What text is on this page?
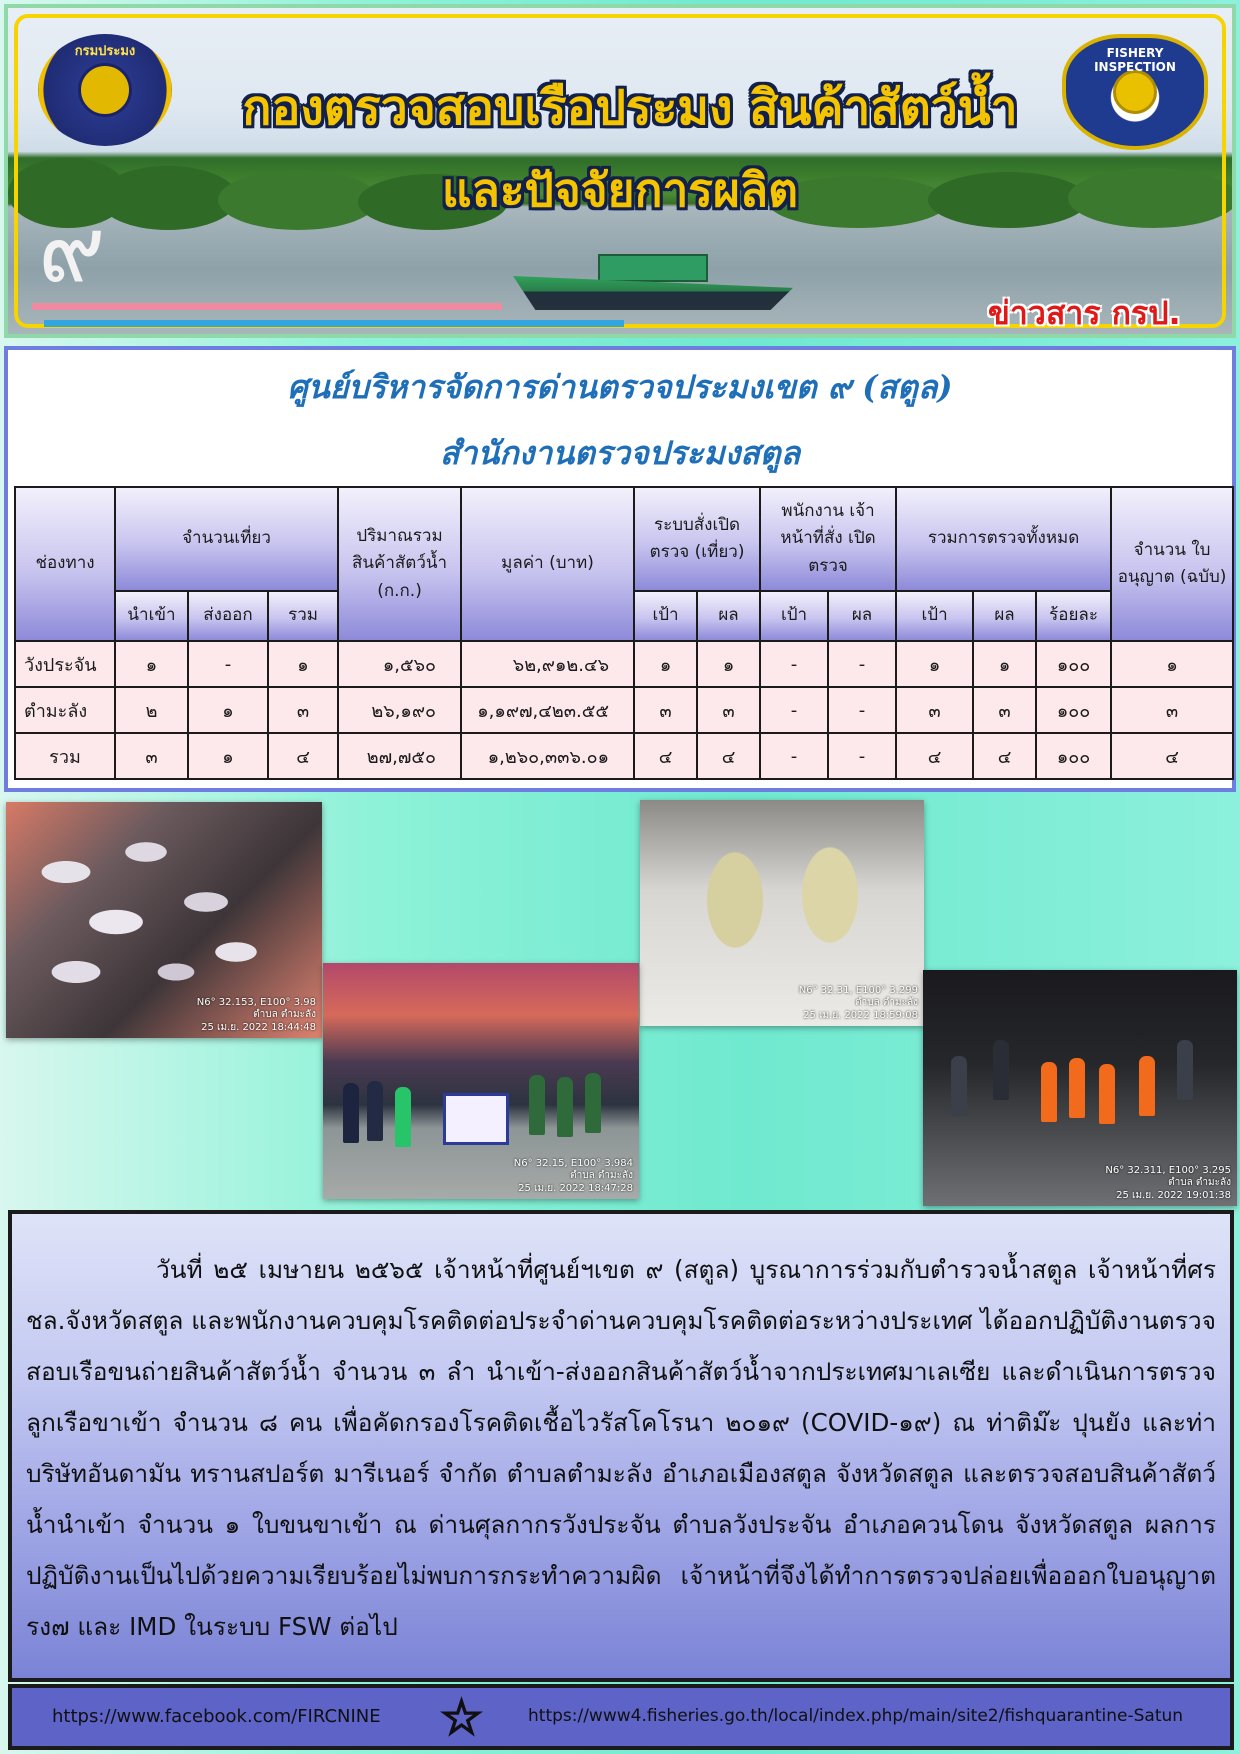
กรมประมง	FISHERY INSPECTION
กองตรวจสอบเรือประมง สินค้าสัตว์น้ำ
และปัจจัยการผลิต
๙
ข่าวสาร กรป.
ศูนย์บริหารจัดการด่านตรวจประมงเขต ๙ (สตูล)
สำนักงานตรวจประมงสตูล
ช่องทาง	จำนวนเที่ยว			ปริมาณรวม สินค้าสัตว์น้ำ (ก.ก.)	มูลค่า (บาท)	ระบบสั่งเปิด ตรวจ (เที่ยว)		พนักงาน เจ้าหน้าที่สั่ง เปิดตรวจ		รวมการตรวจทั้งหมด			จำนวน ใบอนุญาต (ฉบับ)
	นำเข้า	ส่งออก	รวม			เป้า	ผล	เป้า	ผล	เป้า	ผล	ร้อยละ	
วังประจัน	๑	-	๑	๑,๕๖๐	๖๒,๙๑๒.๔๖	๑	๑	-	-	๑	๑	๑๐๐	๑
ตำมะลัง	๒	๑	๓	๒๖,๑๙๐	๑,๑๙๗,๔๒๓.๕๕	๓	๓	-	-	๓	๓	๑๐๐	๓
รวม	๓	๑	๔	๒๗,๗๕๐	๑,๒๖๐,๓๓๖.๐๑	๔	๔	-	-	๔	๔	๑๐๐	๔
N6° 32.153, E100° 3.98
ตำบล ตำมะลัง
25 เม.ย. 2022 18:44:48
N6° 32.31, E100° 3.299
ตำบล ตำมะลัง
25 เม.ย. 2022 18:59:08
N6° 32.15, E100° 3.984
ตำบล ตำมะลัง
25 เม.ย. 2022 18:47:28
N6° 32.311, E100° 3.295
ตำบล ตำมะลัง
25 เม.ย. 2022 19:01:38

วันที่ ๒๕ เมษายน ๒๕๖๕ เจ้าหน้าที่ศูนย์ฯเขต ๙ (สตูล) บูรณาการร่วมกับตำรวจน้ำสตูล เจ้าหน้าที่ศรชล.จังหวัดสตูล และพนักงานควบคุมโรคติดต่อประจำด่านควบคุมโรคติดต่อระหว่างประเทศ ได้ออกปฏิบัติงานตรวจสอบเรือขนถ่ายสินค้าสัตว์น้ำ จำนวน ๓ ลำ นำเข้า-ส่งออกสินค้าสัตว์น้ำจากประเทศมาเลเซีย และดำเนินการตรวจลูกเรือขาเข้า จำนวน ๘ คน เพื่อคัดกรองโรคติดเชื้อไวรัสโคโรนา ๒๐๑๙ (COVID-๑๙) ณ ท่าติม๊ะ ปุนยัง และท่าบริษัทอันดามัน ทรานสปอร์ต มารีเนอร์ จำกัด ตำบลตำมะลัง อำเภอเมืองสตูล จังหวัดสตูล และตรวจสอบสินค้าสัตว์น้ำนำเข้า จำนวน ๑ ใบขนขาเข้า ณ ด่านศุลกากรวังประจัน ตำบลวังประจัน อำเภอควนโดน จังหวัดสตูล ผลการปฏิบัติงานเป็นไปด้วยความเรียบร้อยไม่พบการกระทำความผิด เจ้าหน้าที่จึงได้ทำการตรวจปล่อยเพื่อออกใบอนุญาต รง๗ และ IMD ในระบบ FSW ต่อไป

https://www.facebook.com/FIRCNINE ☆	https://www4.fisheries.go.th/local/index.php/main/site2/fishquarantine-Satun
